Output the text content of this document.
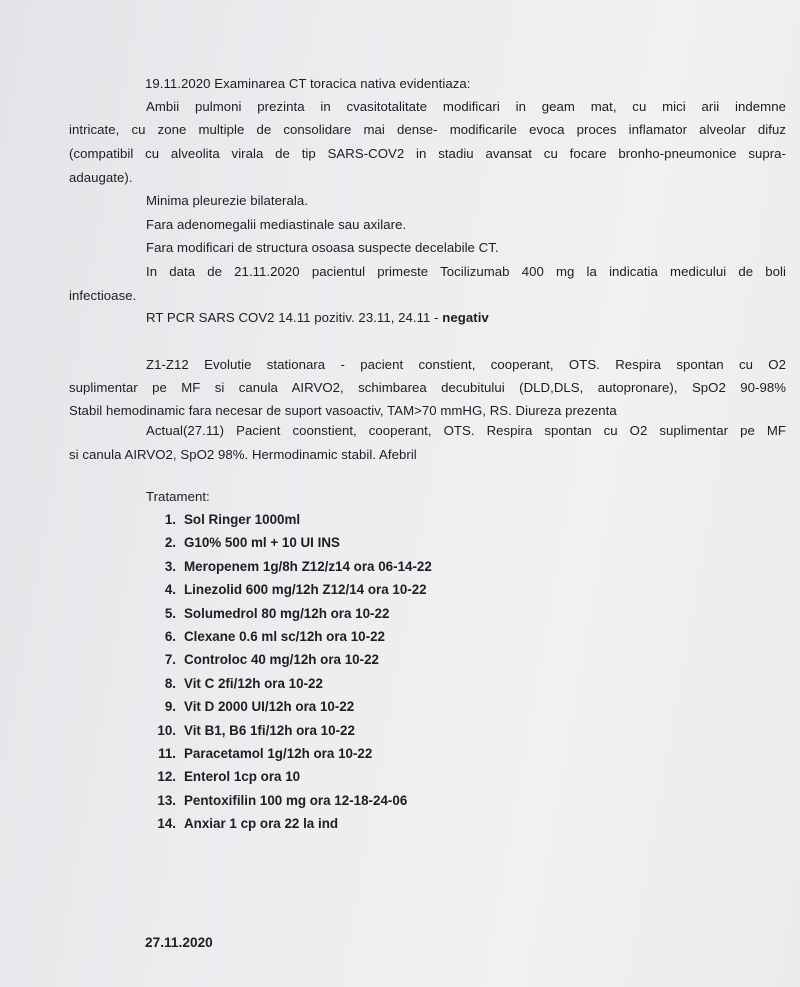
19.11.2020 Examinarea CT toracica nativa evidentiaza:
Ambii pulmoni prezinta in cvasitotalitate modificari in geam mat, cu mici arii indemne
intricate, cu zone multiple de consolidare mai dense- modificarile evoca proces inflamator alveolar difuz
(compatibil cu alveolita virala de tip SARS-COV2 in stadiu avansat cu focare bronho-pneumonice supra-
adaugate).
Minima pleurezie bilaterala.
Fara adenomegalii mediastinale sau axilare.
Fara modificari de structura osoasa suspecte decelabile CT.
In data de 21.11.2020 pacientul primeste Tocilizumab 400 mg la indicatia medicului de boli
infectioase.
RT PCR SARS COV2 14.11 pozitiv. 23.11, 24.11 - negativ
Z1-Z12 Evolutie stationara - pacient constient, cooperant, OTS. Respira spontan cu O2
suplimentar pe MF si canula AIRVO2, schimbarea decubitului (DLD,DLS, autopronare), SpO2 90-98%
Stabil hemodinamic fara necesar de suport vasoactiv, TAM>70 mmHG, RS. Diureza prezenta
Actual(27.11) Pacient coonstient, cooperant, OTS. Respira spontan cu O2 suplimentar pe MF
si canula AIRVO2, SpO2 98%. Hermodinamic stabil. Afebril
Tratament:
1. Sol Ringer 1000ml
2. G10% 500 ml + 10 UI INS
3. Meropenem 1g/8h Z12/z14 ora 06-14-22
4. Linezolid 600 mg/12h Z12/14 ora 10-22
5. Solumedrol 80 mg/12h ora 10-22
6. Clexane 0.6 ml sc/12h ora 10-22
7. Controloc 40 mg/12h ora 10-22
8. Vit C 2fi/12h ora 10-22
9. Vit D 2000 UI/12h ora 10-22
10. Vit B1, B6 1fi/12h ora 10-22
11. Paracetamol 1g/12h ora 10-22
12. Enterol 1cp ora 10
13. Pentoxifilin 100 mg ora 12-18-24-06
14. Anxiar 1 cp ora 22 la ind
27.11.2020
